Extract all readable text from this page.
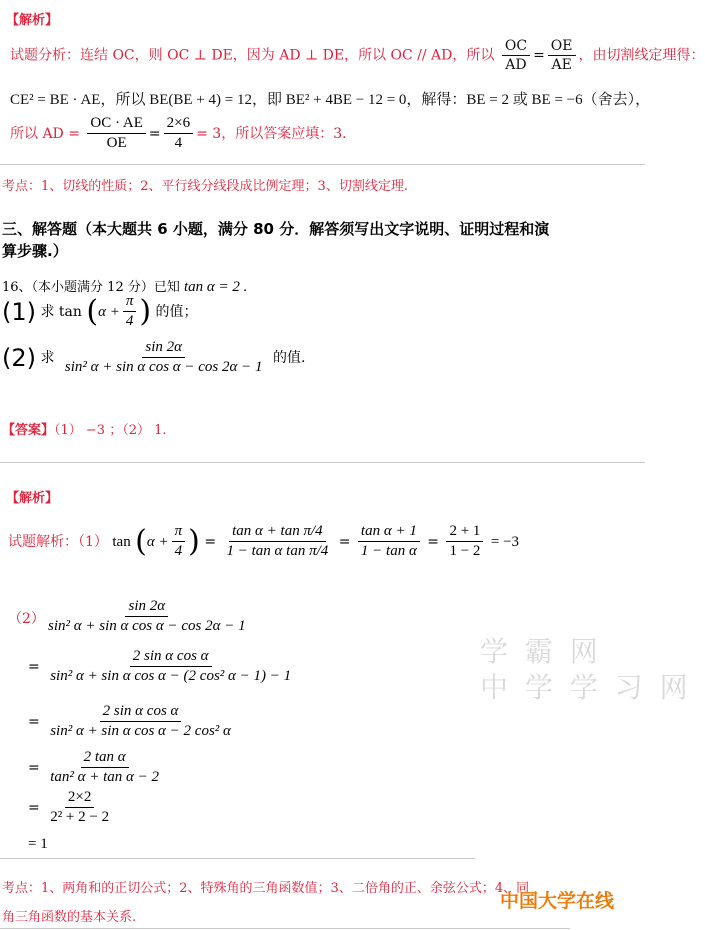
【解析】
试题分析：连结 OC，则 OC ⊥ DE，因为 AD ⊥ DE，所以 OC // AD，所以 $\frac{OC}{AD} = \frac{OE}{AE}$ ，由切割线定理得：
CE² = BE · AE，所以 BE(BE + 4) = 12，即 BE² + 4BE − 12 = 0，解得：BE = 2 或 BE = −6（舍去），
所以 AD = $\frac{OC \cdot AE}{OE} = \frac{2\times 6}{4} = 3$，所以答案应填：3．
考点：1、切线的性质；2、平行线分线段成比例定理；3、切割线定理.
三、解答题（本大题共 6 小题，满分 80 分．解答须写出文字说明、证明过程和演
算步骤.）
16、（本小题满分 12 分）已知 tan α = 2 .
(1) 求 $\tan (\alpha + \frac{\pi}{4}$ ) 的值；
(2) 求 $\frac{\sin 2\alpha}{\text{sin² α + sin α cos α − cos 2α − 1}}$ 的值.
【答案】（1） −3 ；（2） 1.
【解析】
试题解析：（1） $\tan (\alpha + \frac{\pi}{4}$ ) = $\frac{\text{tan α + tan π/4}}{\text{1 − tan α tan π/4}} = \frac{\text{tan α + 1}}{\text{1 − tan α}} = \frac{2 + 1}{1 - 2} = -3$
$(2) \frac{\sin 2\alpha}{\text{sin² α + sin α cos α − cos 2α − 1}}$
= $\frac{\text{2 sin α cos α}}{\text{sin² α + sin α cos α − (2 cos² α − 1) − 1}}$
= $\frac{\text{2 sin α cos α}}{\text{sin² α + sin α cos α − 2 cos² α}}$
= $\frac{\text{2 tan α}}{\text{tan² α + tan α − 2}}$
= $\frac{2\times 2}{\text{2² + 2 − 2}}$
= 1
学 霸 网
中 学 学 习 网
考点：1、两角和的正切公式；2、特殊角的三角函数值；3、二倍角的正、余弦公式；4、同
角三角函数的基本关系.
中国大学在线
